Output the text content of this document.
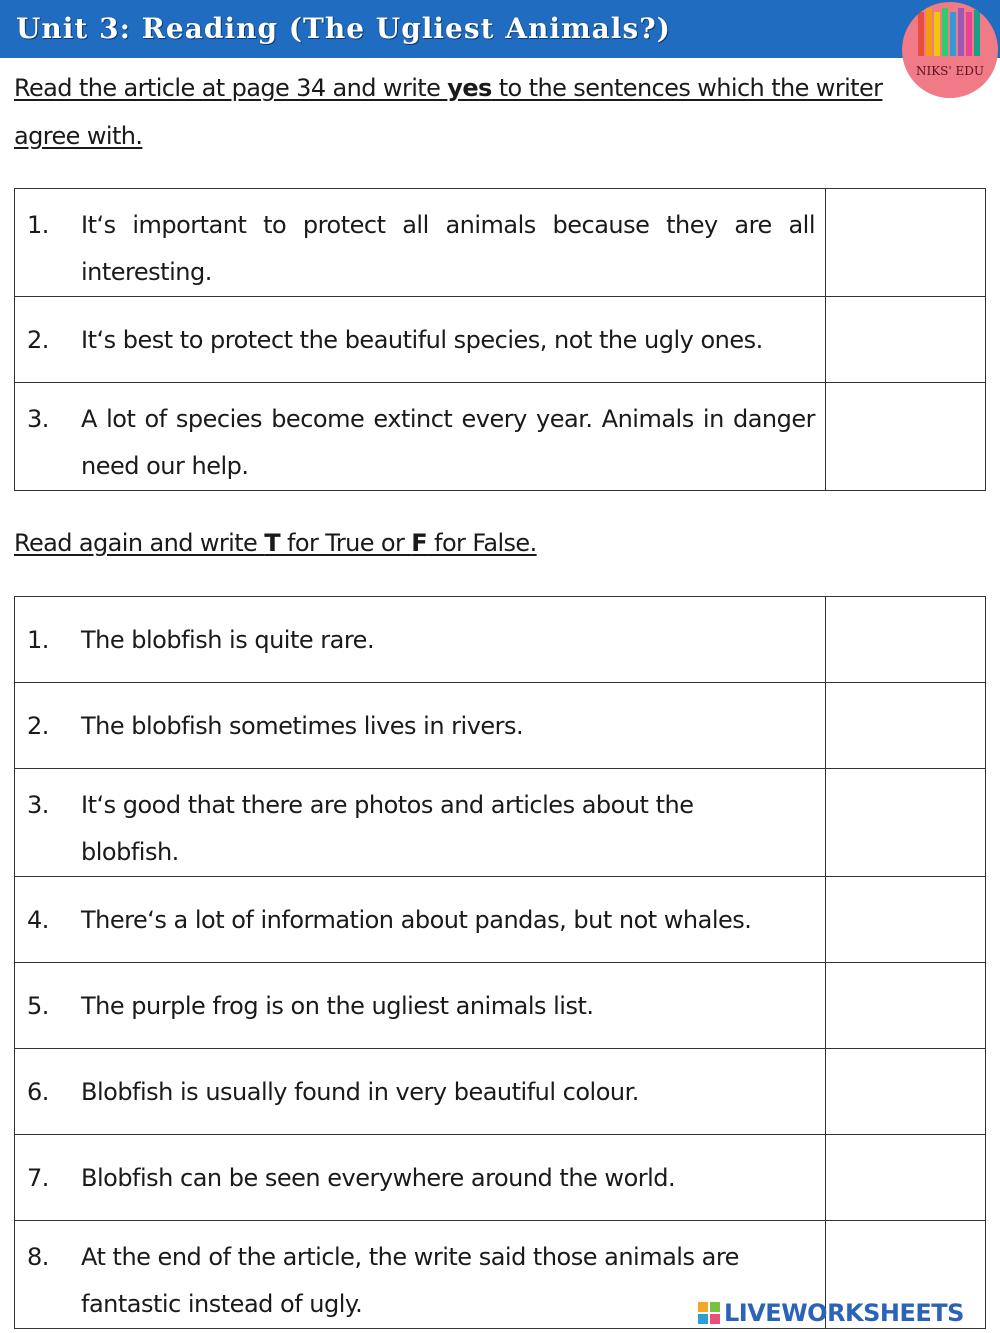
Unit 3: Reading (The Ugliest Animals?)
NIKS' EDU
Read the article at page 34 and write yes to the sentences which the writer
agree with.
1. It‘s important to protect all animals because they are all interesting.

2. It‘s best to protect the beautiful species, not the ugly ones.

3. A lot of species become extinct every year. Animals in danger need our help.

Read again and write T for True or F for False.
1. The blobfish is quite rare.

2. The blobfish sometimes lives in rivers.

3. It‘s good that there are photos and articles about the blobfish.

4. There‘s a lot of information about pandas, but not whales.

5. The purple frog is on the ugliest animals list.

6. Blobfish is usually found in very beautiful colour.

7. Blobfish can be seen everywhere around the world.

8. At the end of the article, the write said those animals are fantastic instead of ugly.
		LIVEWORKSHEETS
